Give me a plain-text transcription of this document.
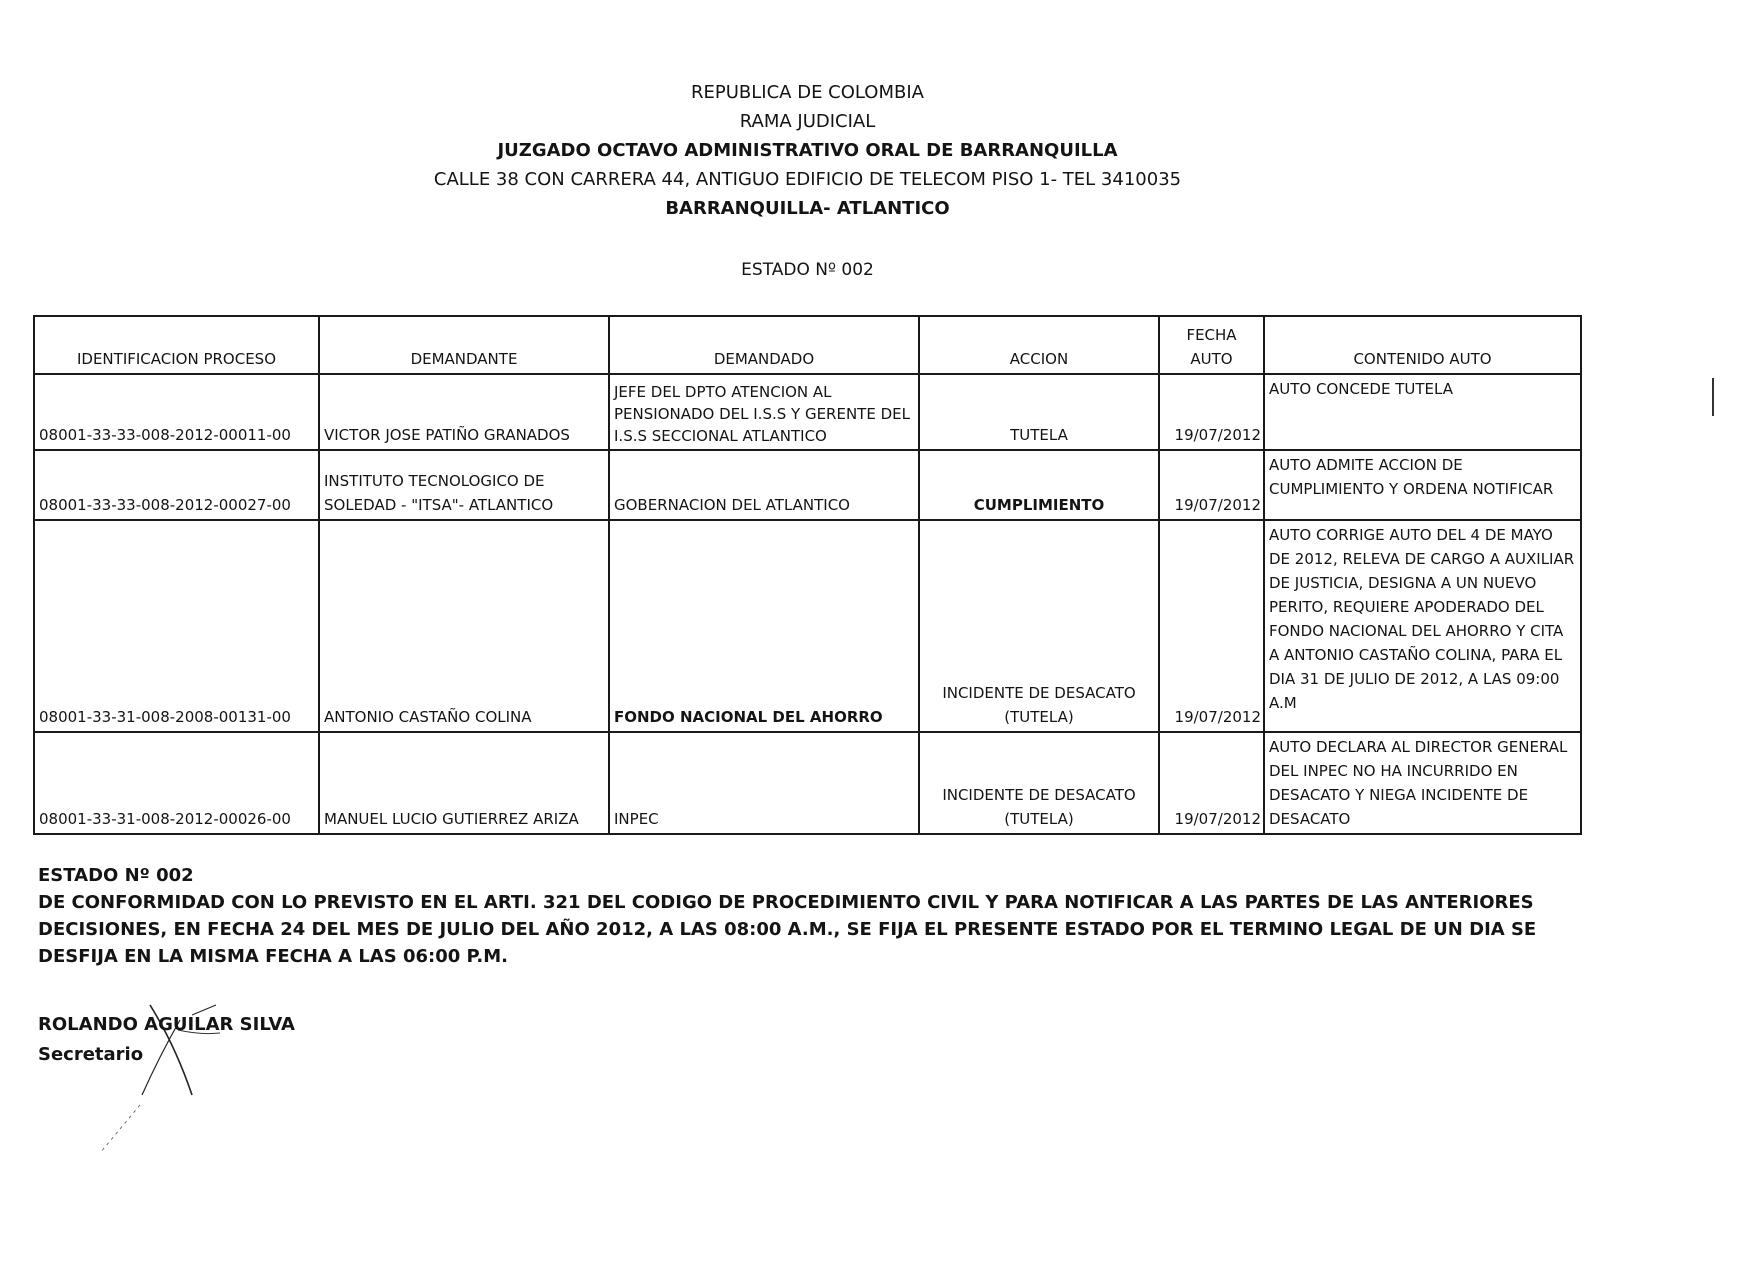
REPUBLICA DE COLOMBIA
RAMA JUDICIAL
JUZGADO OCTAVO ADMINISTRATIVO ORAL DE BARRANQUILLA
CALLE 38 CON CARRERA 44, ANTIGUO EDIFICIO DE TELECOM PISO 1- TEL 3410035
BARRANQUILLA- ATLANTICO
ESTADO Nº 002
IDENTIFICACION PROCESO	DEMANDANTE	DEMANDADO	ACCION	FECHA AUTO	CONTENIDO AUTO
08001-33-33-008-2012-00011-00	VICTOR JOSE PATIÑO GRANADOS	JEFE DEL DPTO ATENCION AL PENSIONADO DEL I.S.S Y GERENTE DEL I.S.S SECCIONAL ATLANTICO	TUTELA	19/07/2012	AUTO CONCEDE TUTELA
08001-33-33-008-2012-00027-00	INSTITUTO TECNOLOGICO DE SOLEDAD - "ITSA"- ATLANTICO	GOBERNACION DEL ATLANTICO	CUMPLIMIENTO	19/07/2012	AUTO ADMITE ACCION DE CUMPLIMIENTO Y ORDENA NOTIFICAR
08001-33-31-008-2008-00131-00	ANTONIO CASTAÑO COLINA	FONDO NACIONAL DEL AHORRO	INCIDENTE DE DESACATO (TUTELA)	19/07/2012	AUTO CORRIGE AUTO DEL 4 DE MAYO DE 2012, RELEVA DE CARGO A AUXILIAR DE JUSTICIA, DESIGNA A UN NUEVO PERITO, REQUIERE APODERADO DEL FONDO NACIONAL DEL AHORRO Y CITA A ANTONIO CASTAÑO COLINA, PARA EL DIA 31 DE JULIO DE 2012, A LAS 09:00 A.M
08001-33-31-008-2012-00026-00	MANUEL LUCIO GUTIERREZ ARIZA	INPEC	INCIDENTE DE DESACATO (TUTELA)	19/07/2012	AUTO DECLARA AL DIRECTOR GENERAL DEL INPEC NO HA INCURRIDO EN DESACATO Y NIEGA INCIDENTE DE DESACATO

ESTADO Nº 002

DE CONFORMIDAD CON LO PREVISTO EN EL ARTI. 321 DEL CODIGO DE PROCEDIMIENTO CIVIL Y PARA NOTIFICAR A LAS PARTES DE LAS ANTERIORES DECISIONES, EN FECHA 24 DEL MES DE JULIO DEL AÑO 2012, A LAS 08:00 A.M., SE FIJA EL PRESENTE ESTADO POR EL TERMINO LEGAL DE UN DIA SE DESFIJA EN LA MISMA FECHA A LAS 06:00 P.M.

ROLANDO AGUILAR SILVA
Secretario
